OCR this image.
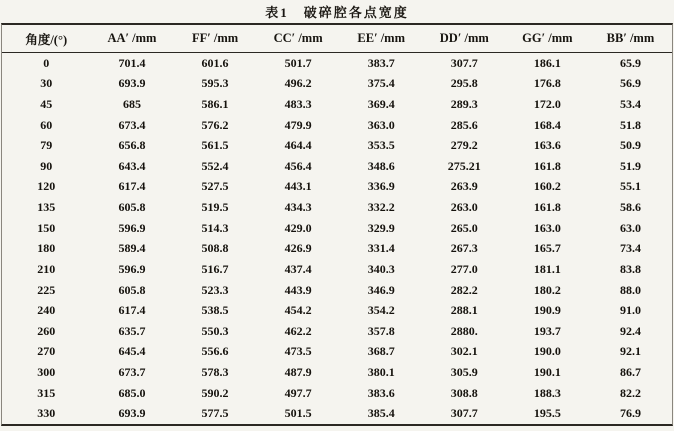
表1　破碎腔各点宽度
角度/(°)	AA′ /mm	FF′ /mm	CC′ /mm	EE′ /mm	DD′ /mm	GG′ /mm	BB′ /mm
0	701.4	601.6	501.7	383.7	307.7	186.1	65.9
30	693.9	595.3	496.2	375.4	295.8	176.8	56.9
45	685	586.1	483.3	369.4	289.3	172.0	53.4
60	673.4	576.2	479.9	363.0	285.6	168.4	51.8
79	656.8	561.5	464.4	353.5	279.2	163.6	50.9
90	643.4	552.4	456.4	348.6	275.21	161.8	51.9
120	617.4	527.5	443.1	336.9	263.9	160.2	55.1
135	605.8	519.5	434.3	332.2	263.0	161.8	58.6
150	596.9	514.3	429.0	329.9	265.0	163.0	63.0
180	589.4	508.8	426.9	331.4	267.3	165.7	73.4
210	596.9	516.7	437.4	340.3	277.0	181.1	83.8
225	605.8	523.3	443.9	346.9	282.2	180.2	88.0
240	617.4	538.5	454.2	354.2	288.1	190.9	91.0
260	635.7	550.3	462.2	357.8	2880.	193.7	92.4
270	645.4	556.6	473.5	368.7	302.1	190.0	92.1
300	673.7	578.3	487.9	380.1	305.9	190.1	86.7
315	685.0	590.2	497.7	383.6	308.8	188.3	82.2
330	693.9	577.5	501.5	385.4	307.7	195.5	76.9
